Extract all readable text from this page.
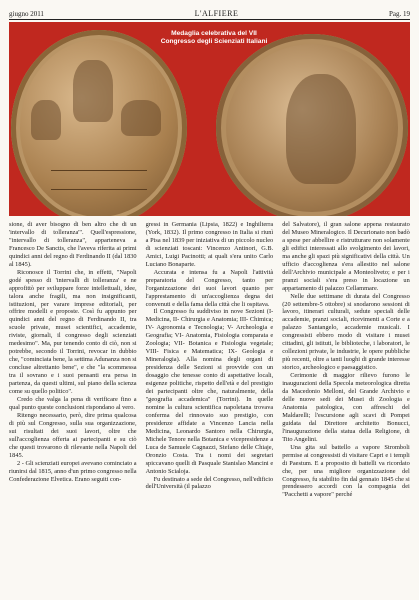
giugno 2011	L'ALFIERE	Pag. 19
Medaglia celebrativa del VII Congresso degli Scienziati Italiani

sione, di aver bisogno di ben altro che di un 'intervallo di tolleranza'". Quell'espressione, "intervallo di tolleranza", apparteneva a Francesco De Sanctis, che l'aveva riferita ai primi quindici anni del regno di Ferdinando II (dal 1830 al 1845).

Riconosce il Torrini che, in effetti, "Napoli godé spesso di 'intervalli di tolleranza' e ne approfittò per sviluppare forze intellettuali, idee, talora anche fragili, ma non insignificanti, istituzioni, per varare imprese editoriali, per offrire modelli e proposte. Così fu appunto per quindici anni del regno di Ferdinando II, tra scuole private, musei scientifici, accademie, riviste, giornali, il congresso degli scienziati medesimo". Ma, pur tenendo conto di ciò, non si potrebbe, secondo il Torrini, revocar in dubbio che, "cominciata bene, la settima Adunanza non si concluse altrettanto bene", e che "la scommessa tra il sovrano e i suoi pensanti era persa in partenza, da questi ultimi, sul piano della scienza come su quello politico".

Credo che valga la pena di verificare fino a qual punto queste conclusioni rispondano al vero.

Ritengo necessario, però, dire prima qualcosa di più sul Congresso, sulla sua organizzazione, sui risultati dei suoi lavori, oltre che sull'accoglienza offerta ai partecipanti e su ciò che questi trovarono di rilevante nella Napoli del 1845.

2 - Gli scienziati europei avevano cominciato a riunirsi dal 1815, anno d'un primo congresso nella Confederazione Elvetica. Erano seguiti con-

gressi in Germania (Lipsia, 1822) e Inghilterra (York, 1832). Il primo congresso in Italia si riunì a Pisa nel 1839 per iniziativa di un piccolo nucleo di scienziati toscani: Vincenzo Antinori, G.B. Amici, Luigi Pacinotti; ai quali s'era unito Carlo Luciano Bonaparte.

Accurata e intensa fu a Napoli l'attività preparatoria del Congresso, tanto per l'organizzazione dei suoi lavori quanto per l'apprestamento di un'accoglienza degna dei convenuti e della fama della città che li ospitava.

Il Congresso fu suddiviso in nove Sezioni (I- Medicina, II- Chirurgia e Anatomia; III- Chimica; IV- Agronomia e Tecnologia; V- Archeologia e Geografia; VI- Anatomia, Fisiologia comparata e Zoologia; VII- Botanica e Fisiologia vegetale; VIII- Fisica e Matematica; IX- Geologia e Mineralogia). Alla nomina degli organi di presidenza delle Sezioni si provvide con un dosaggio che tenesse conto di aspettative locali, esigenze politiche, rispetto dell'età e del prestigio dei partecipanti oltre che, naturalmente, della "geografia accademica" (Torrini). In quelle nomine la cultura scientifica napoletana trovava conferma del rinnovato suo prestigio, con presidenze affidate a Vincenzo Lancia nella Medicina, Leonardo Santoro nella Chirurgia, Michele Tenore nella Botanica e vicepresidenze a Luca de Samuele Cagnazzi, Stefano delle Chiaje, Oronzio Costa. Tra i nomi dei segretari spiccavano quelli di Pasquale Stanislao Mancini e Antonio Scialoja.

Fu destinato a sede del Congresso, nell'edificio dell'Università (il palazzo

del Salvatore), il gran salone appena restaurato del Museo Mineralogico. Il Decurionato non badò a spese per abbellire e ristrutturare non solamente gli edifici interessati allo svolgimento dei lavori, ma anche gli spazi più significativi della città. Un ufficio d'accoglienza s'era allestito nel salone dell'Archivio municipale a Monteoliveto; e per i pranzi sociali s'era preso in locazione un appartamento di palazzo Cellammare.

Nelle due settimane di durata del Congresso (20 settembre-5 ottobre) si snodarono sessioni di lavoro, itinerari culturali, sedute speciali delle accademie, pranzi sociali, ricevimenti a Corte e a palazzo Santangelo, accademie musicali. I congressisti ebbero modo di visitare i musei cittadini, gli istituti, le biblioteche, i laboratori, le collezioni private, le industrie, le opere pubbliche più recenti, oltre a tanti luoghi di grande interesse storico, archeologico e paesaggistico.

Cerimonie di maggior rilievo furono le inaugurazioni della Specola meteorologica diretta da Macedonio Melloni, del Grande Archivio e delle nuove sedi dei Musei di Zoologia e Anatomia patologica, con affreschi del Maldarelli; l'escursione agli scavi di Pompei guidata dal Direttore architetto Bonucci, l'inaugurazione della statua della Religione, di Tito Angelini.

Una gita sul battello a vapore Stromboli permise ai congressisti di visitare Capri e i templi di Paestum. E a proposito di battelli va ricordato che, per una migliore organizzazione del Congresso, fu stabilito fin dal gennaio 1845 che si prendessero accordi con la compagnia dei "Pacchetti a vapore" perché
